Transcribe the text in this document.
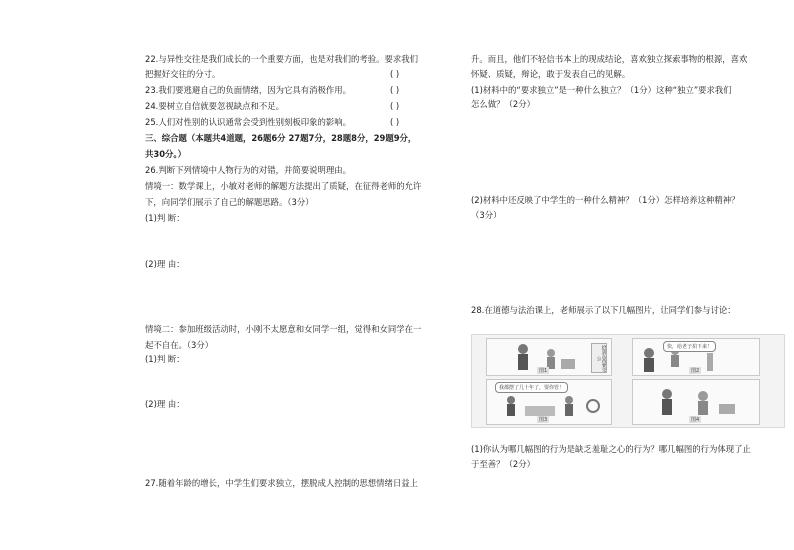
22.与异性交往是我们成长的一个重要方面，也是对我们的考验。要求我们
把握好交往的分寸。	( )
23.我们要逃避自己的负面情绪，因为它具有消极作用。	( )
24.要树立自信就要忽视缺点和不足。	( )
25.人们对性别的认识通常会受到性别刻板印象的影响。	( )
三、综合题（本题共4道题，26题6分 27题7分，28题8分，29题9分，
共30分。）
26.判断下列情境中人物行为的对错，并简要说明理由。
情境一：数学课上，小敏对老师的解题方法提出了质疑，在征得老师的允许
下，向同学们展示了自己的解题思路。（3分）
(1)判 断：
(2)理 由：
情境二：参加班级活动时，小刚不太愿意和女同学一组，觉得和女同学在一
起不自在。（3分）
(1)判 断：
(2)理 由：
27.随着年龄的增长，中学生们要求独立，摆脱成人控制的思想情绪日益上
升。而且，他们不轻信书本上的现成结论，喜欢独立探索事物的根源，喜欢
怀疑、质疑，辩论，敢于发表自己的见解。
(1)材料中的“要求独立”是一种什么独立？（1分）这种“独立”要求我们
怎么做？（2分）
(2)材料中还反映了中学生的一种什么精神？（1分）怎样培养这种精神？
（3分）
28.在道德与法治课上，老师展示了以下几幅图片，让同学们参与讨论：
拾到东西要交公
图1
快，给老子拍下来！
图2
我都摆了几十年了，要你管！
图3	图4
(1)你认为哪几幅图的行为是缺乏羞耻之心的行为？哪几幅图的行为体现了止
于至善？（2分）
